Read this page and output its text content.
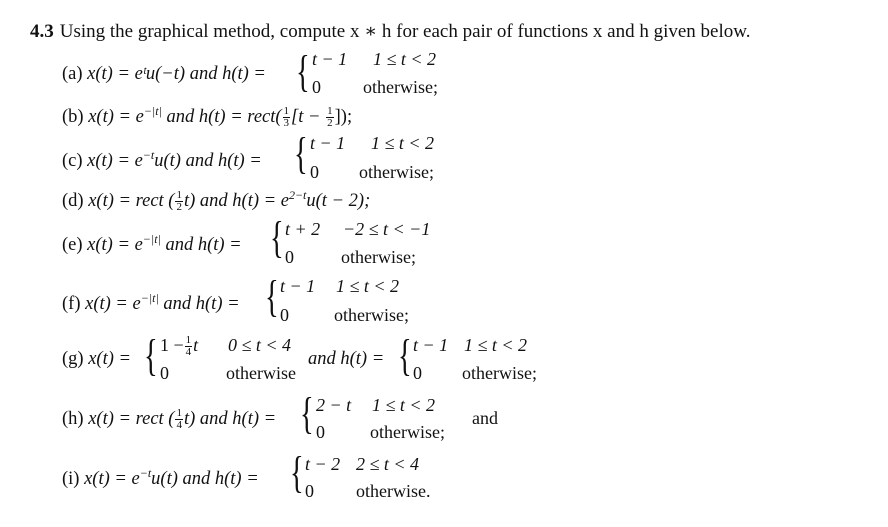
4.3 Using the graphical method, compute x ∗ h for each pair of functions x and h given below.
(a) x(t) = eᵗu(−t) and h(t) = { t − 1 1 ≤ t < 2
0 otherwise;
(b) $x(t) = e^{-|t|}$ and h(t) = rect( $\frac{1}{3} [t - \frac{1}{2}$ ]);
(c) $x(t) = e^{-t}u(t)$ and h(t) = { t − 1 1 ≤ t < 2
0 otherwise;
(d) x(t) = rect ( $\frac{1}{2} t$) and $h(t) = e^{2-t}u(t - 2)$;
(e) $x(t) = e^{-|t|}$ and h(t) = { t + 2 −2 ≤ t < −1
0	otherwise;
(f) $x(t) = e^{-|t|}$ and h(t) = { t − 1 1 ≤ t < 2
0	otherwise;
(g) x(t) = { $1 - \frac{1}{4}$ t 0 ≤ t < 4
0	otherwise
and h(t) = { t − 1 1 ≤ t < 2
0 otherwise;
(h) x(t) = rect ( $\frac{1}{4} t$) and h(t) = { 2 − t 1 ≤ t < 2
0	otherwise;
and
(i) $x(t) = e^{-t}u(t)$ and h(t) = { t − 2 2 ≤ t < 4
0 otherwise.
